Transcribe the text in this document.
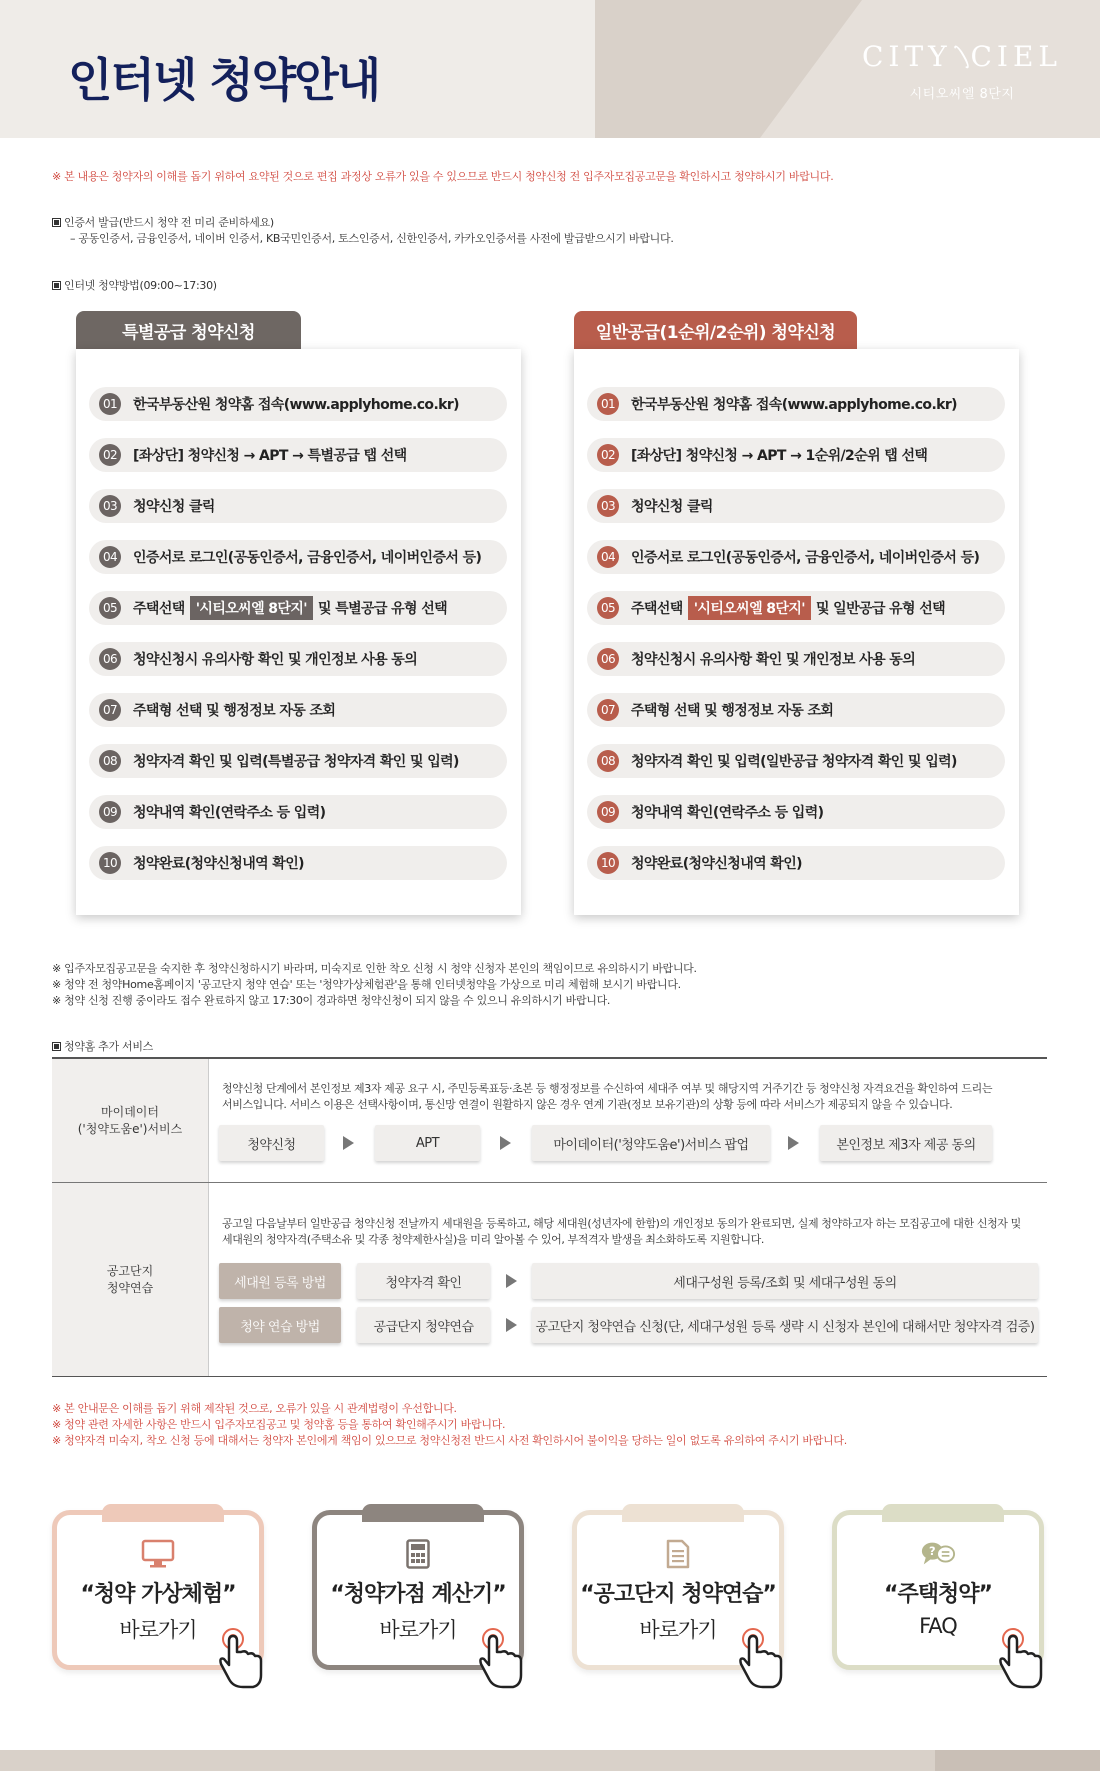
인터넷 청약안내	CITY CIEL
시티오씨엘 8단지
※ 본 내용은 청약자의 이해를 돕기 위하여 요약된 것으로 편집 과정상 오류가 있을 수 있으므로 반드시 청약신청 전 입주자모집공고문을 확인하시고 청약하시기 바랍니다.
인증서 발급(반드시 청약 전 미리 준비하세요)
– 공동인증서, 금융인증서, 네이버 인증서, KB국민인증서, 토스인증서, 신한인증서, 카카오인증서를 사전에 발급받으시기 바랍니다.
인터넷 청약방법(09:00~17:30)
특별공급 청약신청
01 한국부동산원 청약홈 접속(www.applyhome.co.kr)
02 [좌상단] 청약신청 → APT → 특별공급 탭 선택
03 청약신청 클릭
04 인증서로 로그인(공동인증서, 금융인증서, 네이버인증서 등)
05 주택선택 '시티오씨엘 8단지' 및 특별공급 유형 선택
06 청약신청시 유의사항 확인 및 개인정보 사용 동의
07 주택형 선택 및 행정정보 자동 조회
08 청약자격 확인 및 입력(특별공급 청약자격 확인 및 입력)
09 청약내역 확인(연락주소 등 입력)
10 청약완료(청약신청내역 확인)
일반공급(1순위/2순위) 청약신청
01 한국부동산원 청약홈 접속(www.applyhome.co.kr)
02 [좌상단] 청약신청 → APT → 1순위/2순위 탭 선택
03 청약신청 클릭
04 인증서로 로그인(공동인증서, 금융인증서, 네이버인증서 등)
05 주택선택 '시티오씨엘 8단지' 및 일반공급 유형 선택
06 청약신청시 유의사항 확인 및 개인정보 사용 동의
07 주택형 선택 및 행정정보 자동 조회
08 청약자격 확인 및 입력(일반공급 청약자격 확인 및 입력)
09 청약내역 확인(연락주소 등 입력)
10 청약완료(청약신청내역 확인)
※ 입주자모집공고문을 숙지한 후 청약신청하시기 바라며, 미숙지로 인한 착오 신청 시 청약 신청자 본인의 책임이므로 유의하시기 바랍니다.
※ 청약 전 청약Home홈페이지 '공고단지 청약 연습' 또는 '청약가상체험관'을 통해 인터넷청약을 가상으로 미리 체험해 보시기 바랍니다.
※ 청약 신청 진행 중이라도 접수 완료하지 않고 17:30이 경과하면 청약신청이 되지 않을 수 있으니 유의하시기 바랍니다.
청약홈 추가 서비스
마이데이터
('청약도움e')서비스
청약신청 단계에서 본인정보 제3자 제공 요구 시, 주민등록표등·초본 등 행정정보를 수신하여 세대주 여부 및 해당지역 거주기간 등 청약신청 자격요건을 확인하여 드리는
서비스입니다. 서비스 이용은 선택사항이며, 통신망 연결이 원활하지 않은 경우 연계 기관(정보 보유기관)의 상황 등에 따라 서비스가 제공되지 않을 수 있습니다.
청약신청	APT	마이데이터('청약도움e')서비스 팝업	본인정보 제3자 제공 동의
공고단지
청약연습
공고일 다음날부터 일반공급 청약신청 전날까지 세대원을 등록하고, 해당 세대원(성년자에 한함)의 개인정보 동의가 완료되면, 실제 청약하고자 하는 모집공고에 대한 신청자 및
세대원의 청약자격(주택소유 및 각종 청약제한사실)을 미리 알아볼 수 있어, 부적격자 발생을 최소화하도록 지원합니다.
세대원 등록 방법	청약자격 확인	세대구성원 등록/조회 및 세대구성원 동의
청약 연습 방법	공급단지 청약연습	공고단지 청약연습 신청(단, 세대구성원 등록 생략 시 신청자 본인에 대해서만 청약자격 검증)
※ 본 안내문은 이해를 돕기 위해 제작된 것으로, 오류가 있을 시 관계법령이 우선합니다.
※ 청약 관련 자세한 사항은 반드시 입주자모집공고 및 청약홈 등을 통하여 확인해주시기 바랍니다.
※ 청약자격 미숙지, 착오 신청 등에 대해서는 청약자 본인에게 책임이 있으므로 청약신청전 반드시 사전 확인하시어 불이익을 당하는 일이 없도록 유의하여 주시기 바랍니다.
“청약 가상체험”
바로가기
“청약가점 계산기”
바로가기
“공고단지 청약연습”
바로가기
?
“주택청약”
FAQ
